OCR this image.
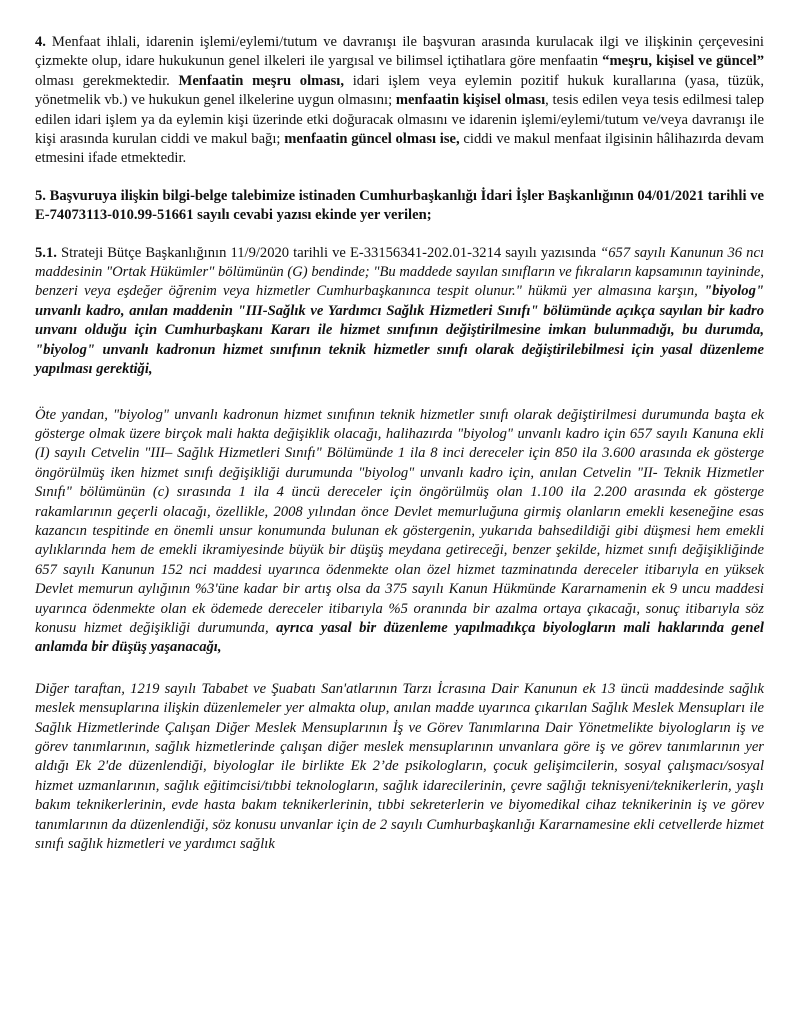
4. Menfaat ihlali, idarenin işlemi/eylemi/tutum ve davranışı ile başvuran arasında kurulacak ilgi ve ilişkinin çerçevesini çizmekte olup, idare hukukunun genel ilkeleri ile yargısal ve bilimsel içtihatlara göre menfaatin “meşru, kişisel ve güncel” olması gerekmektedir. Menfaatin meşru olması, idari işlem veya eylemin pozitif hukuk kurallarına (yasa, tüzük, yönetmelik vb.) ve hukukun genel ilkelerine uygun olmasını; menfaatin kişisel olması, tesis edilen veya tesis edilmesi talep edilen idari işlem ya da eylemin kişi üzerinde etki doğuracak olmasını ve idarenin işlemi/eylemi/tutum ve/veya davranışı ile kişi arasında kurulan ciddi ve makul bağı; menfaatin güncel olması ise, ciddi ve makul menfaat ilgisinin hâlihazırda devam etmesini ifade etmektedir.

5. Başvuruya ilişkin bilgi-belge talebimize istinaden Cumhurbaşkanlığı İdari İşler Başkanlığının 04/01/2021 tarihli ve E-74073113-010.99-51661 sayılı cevabi yazısı ekinde yer verilen;

5.1. Strateji Bütçe Başkanlığının 11/9/2020 tarihli ve E-33156341-202.01-3214 sayılı yazısında “657 sayılı Kanunun 36 ncı maddesinin "Ortak Hükümler" bölümünün (G) bendinde; "Bu maddede sayılan sınıfların ve fıkraların kapsamının tayininde, benzeri veya eşdeğer öğrenim veya hizmetler Cumhurbaşkanınca tespit olunur." hükmü yer almasına karşın, "biyolog" unvanlı kadro, anılan maddenin "III-Sağlık ve Yardımcı Sağlık Hizmetleri Sınıfı" bölümünde açıkça sayılan bir kadro unvanı olduğu için Cumhurbaşkanı Kararı ile hizmet sınıfının değiştirilmesine imkan bulunmadığı, bu durumda, "biyolog" unvanlı kadronun hizmet sınıfının teknik hizmetler sınıfı olarak değiştirilebilmesi için yasal düzenleme yapılması gerektiği,

Öte yandan, "biyolog" unvanlı kadronun hizmet sınıfının teknik hizmetler sınıfı olarak değiştirilmesi durumunda başta ek gösterge olmak üzere birçok mali hakta değişiklik olacağı, halihazırda "biyolog" unvanlı kadro için 657 sayılı Kanuna ekli (I) sayılı Cetvelin "III– Sağlık Hizmetleri Sınıfı" Bölümünde 1 ila 8 inci dereceler için 850 ila 3.600 arasında ek gösterge öngörülmüş iken hizmet sınıfı değişikliği durumunda "biyolog" unvanlı kadro için, anılan Cetvelin "II- Teknik Hizmetler Sınıfı" bölümünün (c) sırasında 1 ila 4 üncü dereceler için öngörülmüş olan 1.100 ila 2.200 arasında ek gösterge rakamlarının geçerli olacağı, özellikle, 2008 yılından önce Devlet memurluğuna girmiş olanların emekli keseneğine esas kazancın tespitinde en önemli unsur konumunda bulunan ek göstergenin, yukarıda bahsedildiği gibi düşmesi hem emekli aylıklarında hem de emekli ikramiyesinde büyük bir düşüş meydana getireceği, benzer şekilde, hizmet sınıfı değişikliğinde 657 sayılı Kanunun 152 nci maddesi uyarınca ödenmekte olan özel hizmet tazminatında dereceler itibarıyla en yüksek Devlet memurun aylığının %3'üne kadar bir artış olsa da 375 sayılı Kanun Hükmünde Kararnamenin ek 9 uncu maddesi uyarınca ödenmekte olan ek ödemede dereceler itibarıyla %5 oranında bir azalma ortaya çıkacağı, sonuç itibarıyla söz konusu hizmet değişikliği durumunda, ayrıca yasal bir düzenleme yapılmadıkça biyologların mali haklarında genel anlamda bir düşüş yaşanacağı,

Diğer taraftan, 1219 sayılı Tababet ve Şuabatı San'atlarının Tarzı İcrasına Dair Kanunun ek 13 üncü maddesinde sağlık meslek mensuplarına ilişkin düzenlemeler yer almakta olup, anılan madde uyarınca çıkarılan Sağlık Meslek Mensupları ile Sağlık Hizmetlerinde Çalışan Diğer Meslek Mensuplarının İş ve Görev Tanımlarına Dair Yönetmelikte biyologların iş ve görev tanımlarının, sağlık hizmetlerinde çalışan diğer meslek mensuplarının unvanlara göre iş ve görev tanımlarının yer aldığı Ek 2'de düzenlendiği, biyologlar ile birlikte Ek 2’de psikologların, çocuk gelişimcilerin, sosyal çalışmacı/sosyal hizmet uzmanlarının, sağlık eğitimcisi/tıbbi teknologların, sağlık idarecilerinin, çevre sağlığı teknisyeni/teknikerlerin, yaşlı bakım teknikerlerinin, evde hasta bakım teknikerlerinin, tıbbi sekreterlerin ve biyomedikal cihaz teknikerinin iş ve görev tanımlarının da düzenlendiği, söz konusu unvanlar için de 2 sayılı Cumhurbaşkanlığı Kararnamesine ekli cetvellerde hizmet sınıfı sağlık hizmetleri ve yardımcı sağlık
